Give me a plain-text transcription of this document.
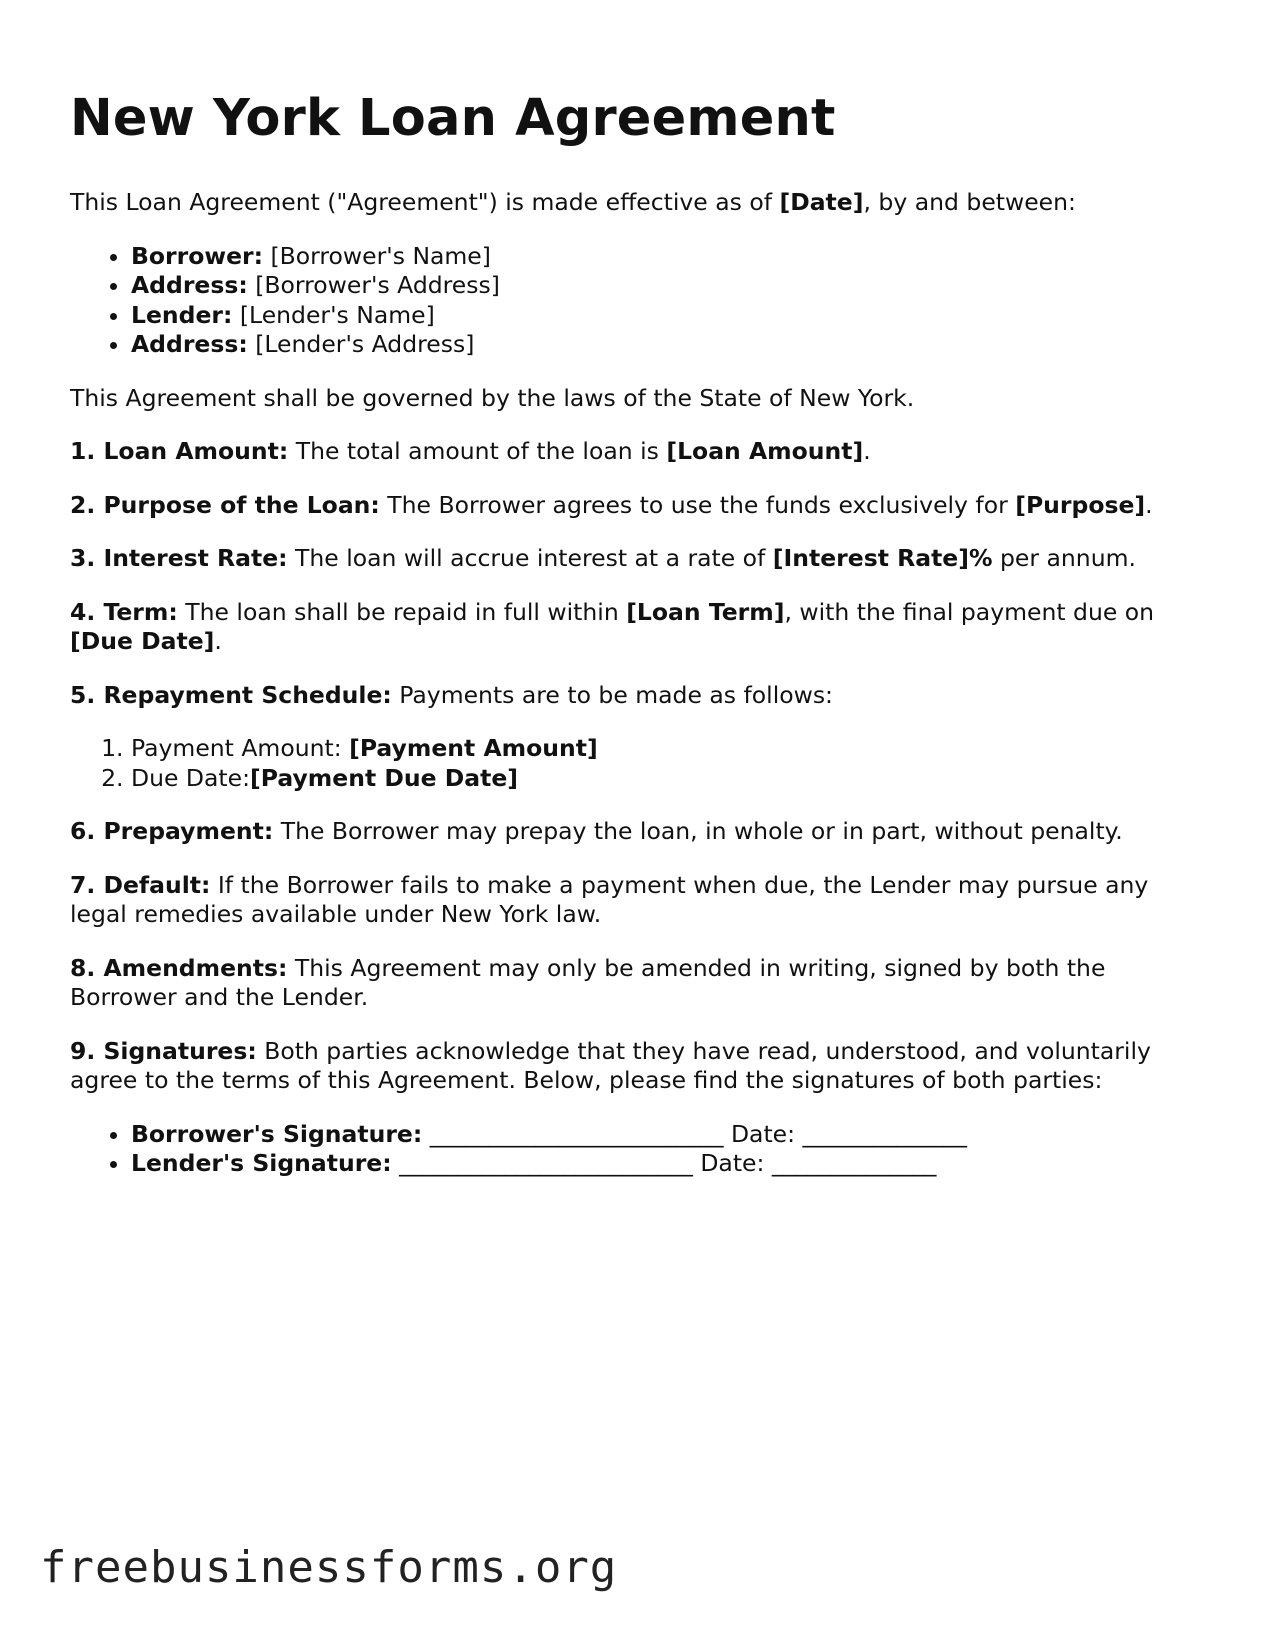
New York Loan Agreement

This Loan Agreement ("Agreement") is made effective as of [Date], by and between:

• Borrower: [Borrower's Name]
• Address: [Borrower's Address]
• Lender: [Lender's Name]
• Address: [Lender's Address]

This Agreement shall be governed by the laws of the State of New York.

1. Loan Amount: The total amount of the loan is [Loan Amount].

2. Purpose of the Loan: The Borrower agrees to use the funds exclusively for [Purpose].

3. Interest Rate: The loan will accrue interest at a rate of [Interest Rate]% per annum.

4. Term: The loan shall be repaid in full within [Loan Term], with the final payment due on [Due Date].

5. Repayment Schedule: Payments are to be made as follows:

1. Payment Amount: [Payment Amount]
2. Due Date:[Payment Due Date]

6. Prepayment: The Borrower may prepay the loan, in whole or in part, without penalty.

7. Default: If the Borrower fails to make a payment when due, the Lender may pursue any legal remedies available under New York law.

8. Amendments: This Agreement may only be amended in writing, signed by both the Borrower and the Lender.

9. Signatures: Both parties acknowledge that they have read, understood, and voluntarily agree to the terms of this Agreement. Below, please find the signatures of both parties:

• Borrower's Signature: _________________________ Date: ______________
• Lender's Signature: _________________________ Date: ______________
freebusinessforms.org
